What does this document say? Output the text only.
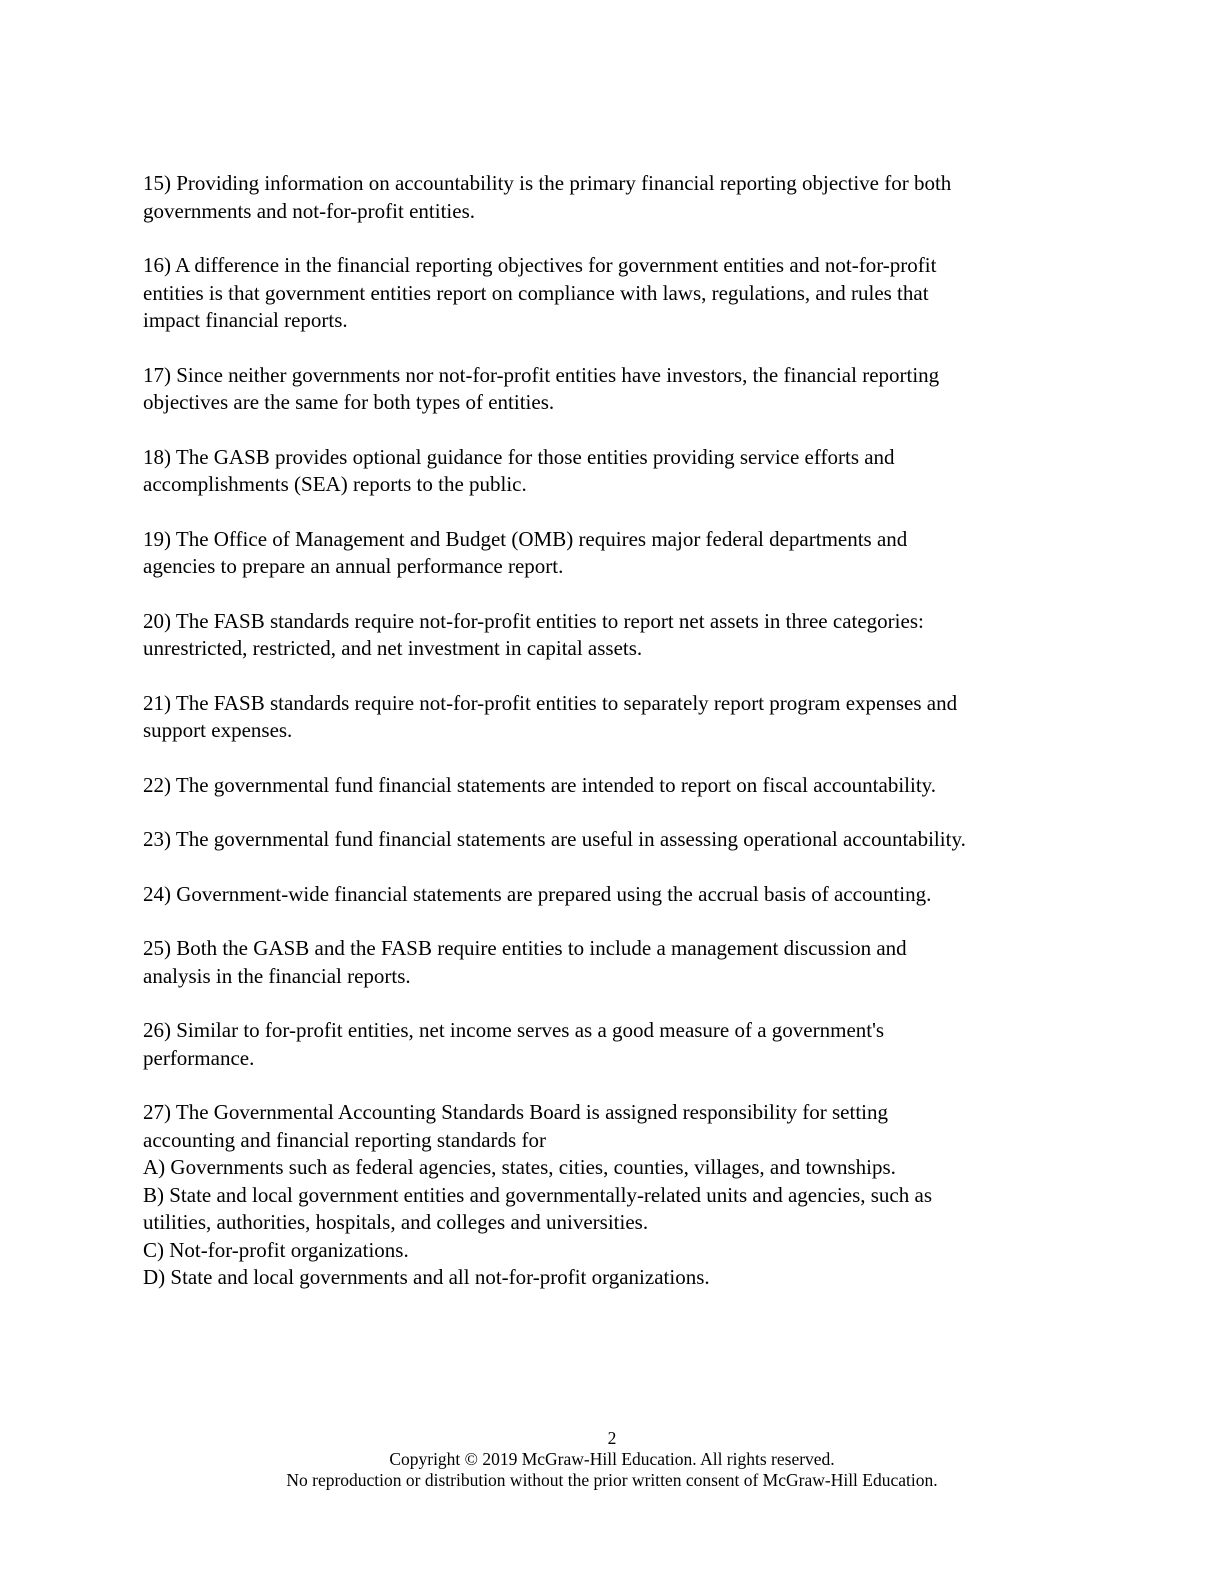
15) Providing information on accountability is the primary financial reporting objective for both
governments and not-for-profit entities.
16) A difference in the financial reporting objectives for government entities and not-for-profit
entities is that government entities report on compliance with laws, regulations, and rules that
impact financial reports.
17) Since neither governments nor not-for-profit entities have investors, the financial reporting
objectives are the same for both types of entities.
18) The GASB provides optional guidance for those entities providing service efforts and
accomplishments (SEA) reports to the public.
19) The Office of Management and Budget (OMB) requires major federal departments and
agencies to prepare an annual performance report.
20) The FASB standards require not-for-profit entities to report net assets in three categories:
unrestricted, restricted, and net investment in capital assets.
21) The FASB standards require not-for-profit entities to separately report program expenses and
support expenses.
22) The governmental fund financial statements are intended to report on fiscal accountability.
23) The governmental fund financial statements are useful in assessing operational accountability.
24) Government-wide financial statements are prepared using the accrual basis of accounting.
25) Both the GASB and the FASB require entities to include a management discussion and
analysis in the financial reports.
26) Similar to for-profit entities, net income serves as a good measure of a government's
performance.
27) The Governmental Accounting Standards Board is assigned responsibility for setting
accounting and financial reporting standards for
A) Governments such as federal agencies, states, cities, counties, villages, and townships.
B) State and local government entities and governmentally-related units and agencies, such as
utilities, authorities, hospitals, and colleges and universities.
C) Not-for-profit organizations.
D) State and local governments and all not-for-profit organizations.
2
Copyright © 2019 McGraw-Hill Education. All rights reserved.
No reproduction or distribution without the prior written consent of McGraw-Hill Education.
